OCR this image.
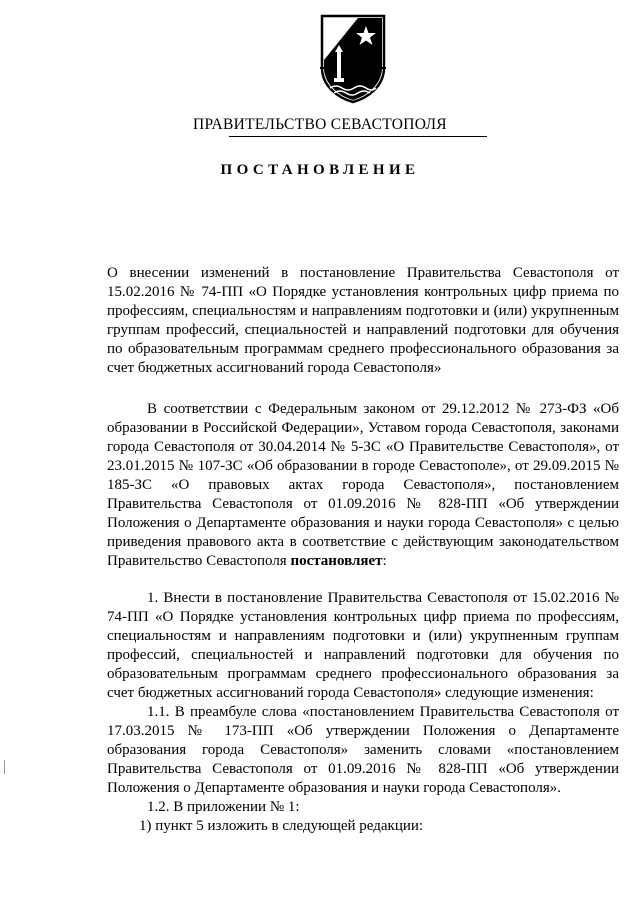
ПРАВИТЕЛЬСТВО СЕВАСТОПОЛЯ
ПОСТАНОВЛЕНИЕ

О внесении изменений в постановление Правительства Севастополя от 15.02.2016 № 74-ПП «О Порядке установления контрольных цифр приема по профессиям, специальностям и направлениям подготовки и (или) укрупненным группам профессий, специальностей и направлений подготовки для обучения по образовательным программам среднего профессионального образования за счет бюджетных ассигнований города Севастополя»

В соответствии с Федеральным законом от 29.12.2012 № 273-ФЗ «Об образовании в Российской Федерации», Уставом города Севастополя, законами города Севастополя от 30.04.2014 № 5-ЗС «О Правительстве Севастополя», от 23.01.2015 № 107-ЗС «Об образовании в городе Севастополе», от 29.09.2015 № 185-ЗС «О правовых актах города Севастополя», постановлением Правительства Севастополя от 01.09.2016 № 828-ПП «Об утверждении Положения о Департаменте образования и науки города Севастополя» с целью приведения правового акта в соответствие с действующим законодательством Правительство Севастополя постановляет:

1. Внести в постановление Правительства Севастополя от 15.02.2016 № 74-ПП «О Порядке установления контрольных цифр приема по профессиям, специальностям и направлениям подготовки и (или) укрупненным группам профессий, специальностей и направлений подготовки для обучения по образовательным программам среднего профессионального образования за счет бюджетных ассигнований города Севастополя» следующие изменения:

1.1. В преамбуле слова «постановлением Правительства Севастополя от 17.03.2015 № 173-ПП «Об утверждении Положения о Департаменте образования города Севастополя» заменить словами «постановлением Правительства Севастополя от 01.09.2016 № 828-ПП «Об утверждении Положения о Департаменте образования и науки города Севастополя».

1.2. В приложении № 1:

1) пункт 5 изложить в следующей редакции:
